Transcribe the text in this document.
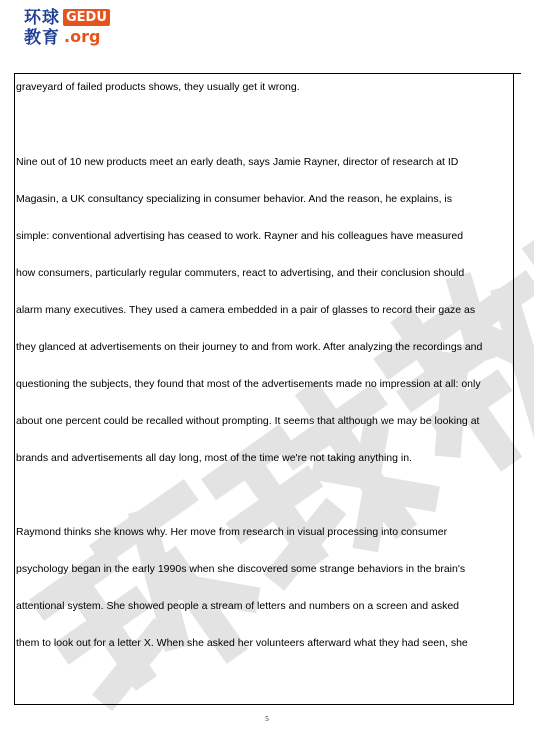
环球
教育
GEDU
.org
graveyard of failed products shows, they usually get it wrong.
Nine out of 10 new products meet an early death, says Jamie Rayner, director of research at ID
Magasin, a UK consultancy specializing in consumer behavior. And the reason, he explains, is
simple: conventional advertising has ceased to work. Rayner and his colleagues have measured
how consumers, particularly regular commuters, react to advertising, and their conclusion should
alarm many executives. They used a camera embedded in a pair of glasses to record their gaze as
they glanced at advertisements on their journey to and from work. After analyzing the recordings and
questioning the subjects, they found that most of the advertisements made no impression at all: only
about one percent could be recalled without prompting. It seems that although we may be looking at
brands and advertisements all day long, most of the time we're not taking anything in.
Raymond thinks she knows why. Her move from research in visual processing into consumer
psychology began in the early 1990s when she discovered some strange behaviors in the brain's
attentional system. She showed people a stream of letters and numbers on a screen and asked
them to look out for a letter X. When she asked her volunteers afterward what they had seen, she
5
